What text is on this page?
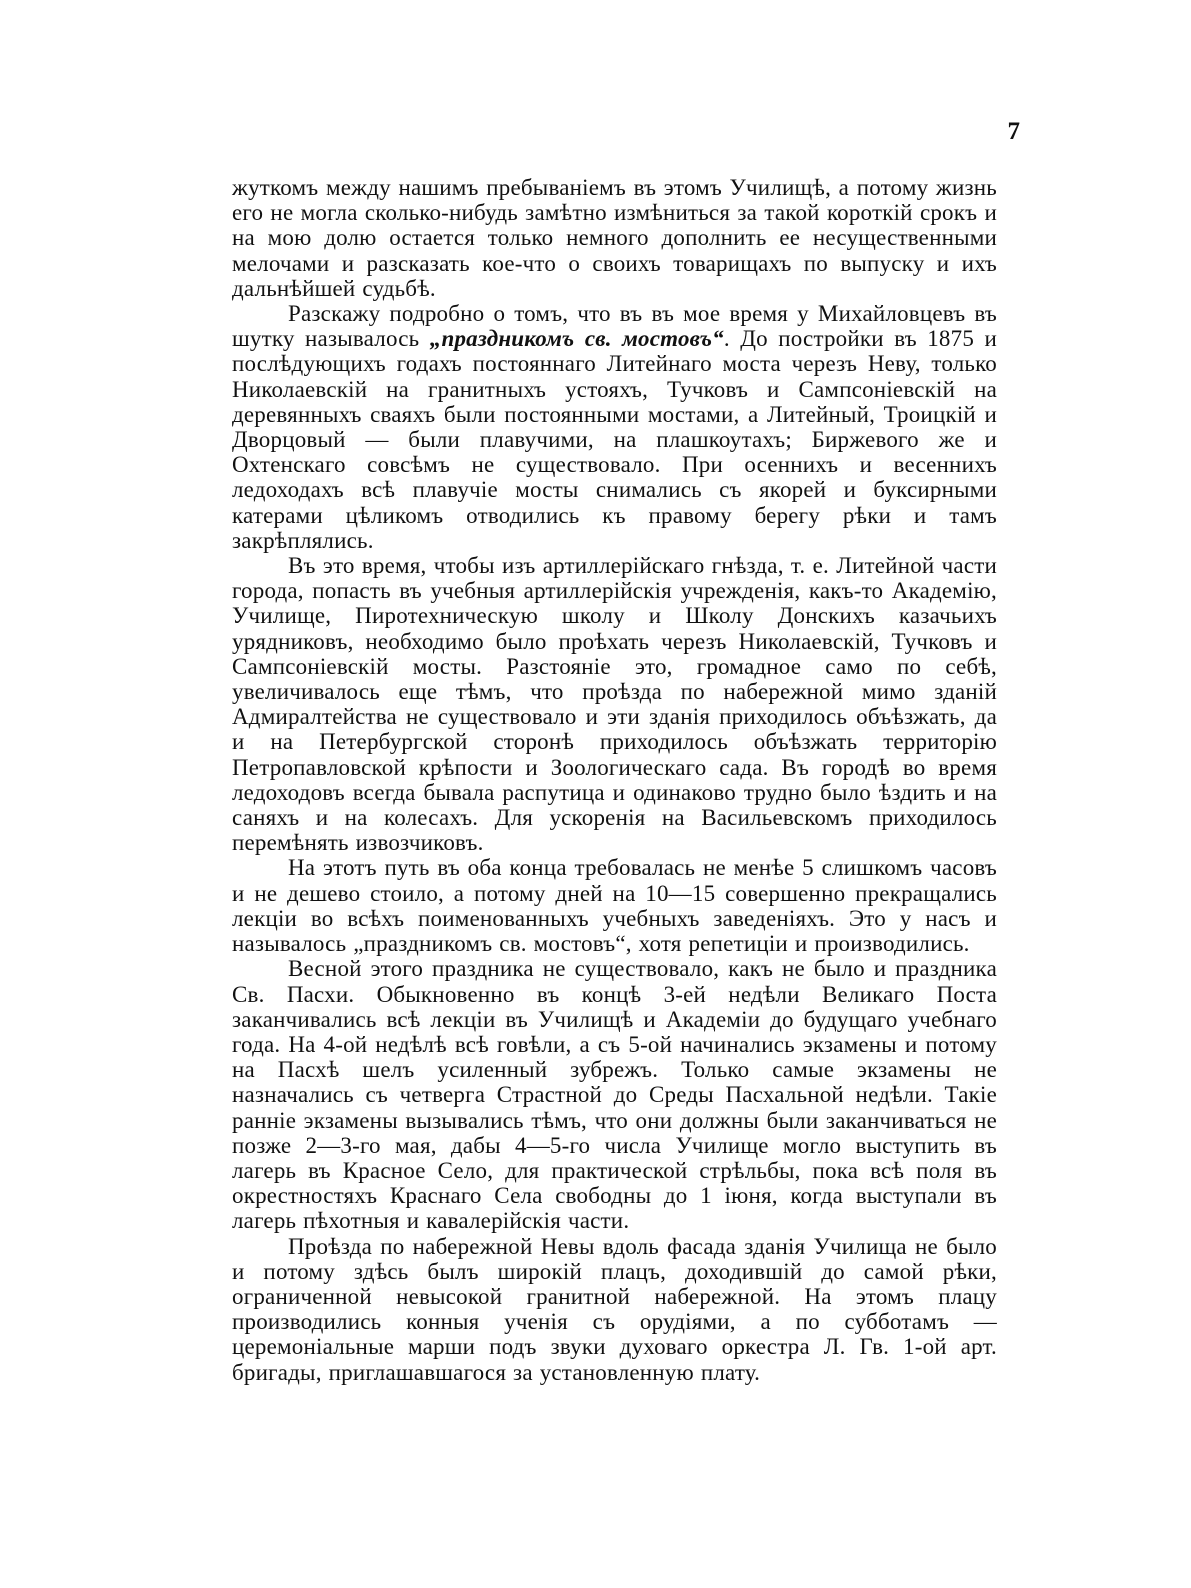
7

жуткомъ между нашимъ пребываніемъ въ этомъ Училищѣ, а потому жизнь его не могла сколько-нибудь замѣтно измѣниться за такой короткій срокъ и на мою долю остается только немного дополнить ее несущественными мелочами и разсказать кое-что о своихъ товарищахъ по выпуску и ихъ дальнѣйшей судьбѣ.

Разскажу подробно о томъ, что въ въ мое время у Михайловцевъ въ шутку называлось „праздникомъ св. мостовъ“. До постройки въ 1875 и послѣдующихъ годахъ постояннаго Литейнаго моста черезъ Неву, только Николаевскій на гранитныхъ устояхъ, Тучковъ и Сампсоніевскій на деревянныхъ сваяхъ были постоянными мостами, а Литейный, Троицкій и Дворцовый — были плавучими, на плашкоутахъ; Биржевого же и Охтенскаго совсѣмъ не существовало. При осеннихъ и весеннихъ ледоходахъ всѣ плавучіе мосты снимались съ якорей и буксирными катерами цѣликомъ отводились къ правому берегу рѣки и тамъ закрѣплялись.

Въ это время, чтобы изъ артиллерійскаго гнѣзда, т. е. Литейной части города, попасть въ учебныя артиллерійскія учрежденія, какъ-то Академію, Училище, Пиротехническую школу и Школу Донскихъ казачьихъ урядниковъ, необходимо было проѣхать черезъ Николаевскій, Тучковъ и Сампсоніевскій мосты. Разстояніе это, громадное само по себѣ, увеличивалось еще тѣмъ, что проѣзда по набережной мимо зданій Адмиралтейства не существовало и эти зданія приходилось объѣзжать, да и на Петербургской сторонѣ приходилось объѣзжать территорію Петропавловской крѣпости и Зоологическаго сада. Въ городѣ во время ледоходовъ всегда бывала распутица и одинаково трудно было ѣздить и на саняхъ и на колесахъ. Для ускоренія на Васильевскомъ приходилось перемѣнять извозчиковъ.

На этотъ путь въ оба конца требовалась не менѣе 5 слишкомъ часовъ и не дешево стоило, а потому дней на 10—15 совершенно прекращались лекціи во всѣхъ поименованныхъ учебныхъ заведеніяхъ. Это у насъ и называлось „праздникомъ св. мостовъ“, хотя репетиціи и производились.

Весной этого праздника не существовало, какъ не было и праздника Св. Пасхи. Обыкновенно въ концѣ 3-ей недѣли Великаго Поста заканчивались всѣ лекціи въ Училищѣ и Академіи до будущаго учебнаго года. На 4-ой недѣлѣ всѣ говѣли, а съ 5-ой начинались экзамены и потому на Пасхѣ шелъ усиленный зубрежъ. Только самые экзамены не назначались съ четверга Страстной до Среды Пасхальной недѣли. Такіе ранніе экзамены вызывались тѣмъ, что они должны были заканчиваться не позже 2—3-го мая, дабы 4—5-го числа Училище могло выступить въ лагерь въ Красное Село, для практической стрѣльбы, пока всѣ поля въ окрестностяхъ Краснаго Села свободны до 1 іюня, когда выступали въ лагерь пѣхотныя и кавалерійскія части.

Проѣзда по набережной Невы вдоль фасада зданія Училища не было и потому здѣсь былъ широкій плацъ, доходившій до самой рѣки, ограниченной невысокой гранитной набережной. На этомъ плацу производились конныя ученія съ орудіями, а по субботамъ — церемоніальные марши подъ звуки духоваго оркестра Л. Гв. 1-ой арт. бригады, приглашавшагося за установленную плату.
